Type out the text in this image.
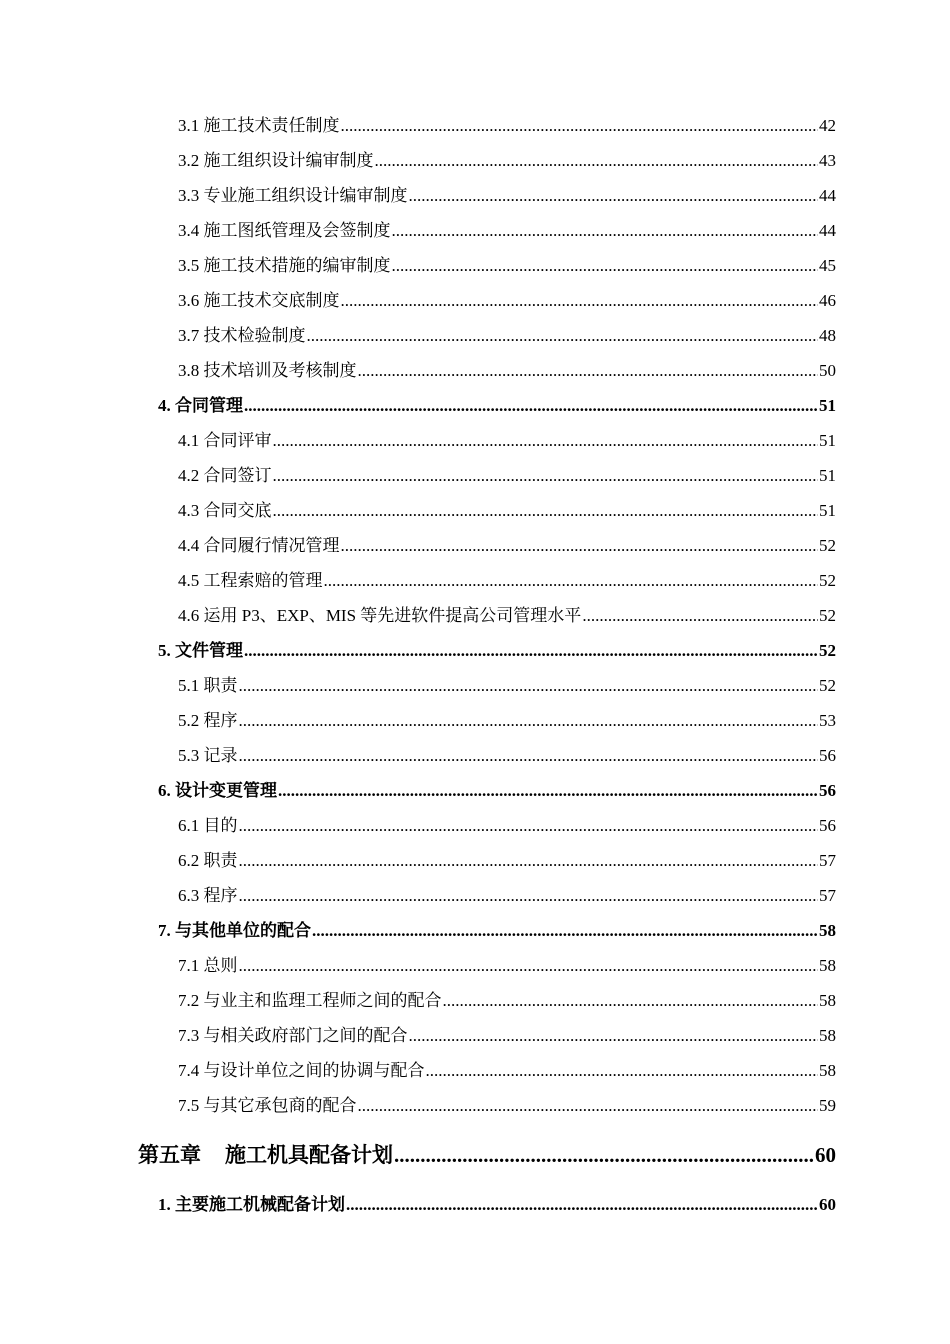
3.1 施工技术责任制度 .....	42
3.2 施工组织设计编审制度 .....	43
3.3 专业施工组织设计编审制度 .....	44
3.4 施工图纸管理及会签制度 .....	44
3.5 施工技术措施的编审制度 .....	45
3.6 施工技术交底制度 .....	46
3.7 技术检验制度 .....	48
3.8 技术培训及考核制度 .....	50
4. 合同管理 .....	51
4.1 合同评审 .....	51
4.2 合同签订 .....	51
4.3 合同交底 .....	51
4.4 合同履行情况管理 .....	52
4.5 工程索赔的管理 .....	52
4.6 运用 P3、EXP、MIS 等先进软件提高公司管理水平 .....	52
5. 文件管理 .....	52
5.1 职责 .....	52
5.2 程序 .....	53
5.3 记录 .....	56
6. 设计变更管理 .....	56
6.1 目的 .....	56
6.2 职责 .....	57
6.3 程序 .....	57
7. 与其他单位的配合 .....	58
7.1 总则 .....	58
7.2 与业主和监理工程师之间的配合 .....	58
7.3 与相关政府部门之间的配合 .....	58
7.4 与设计单位之间的协调与配合 .....	58
7.5 与其它承包商的配合 .....	59
第五章 施工机具配备计划 .....	60
1. 主要施工机械配备计划 .....	60
